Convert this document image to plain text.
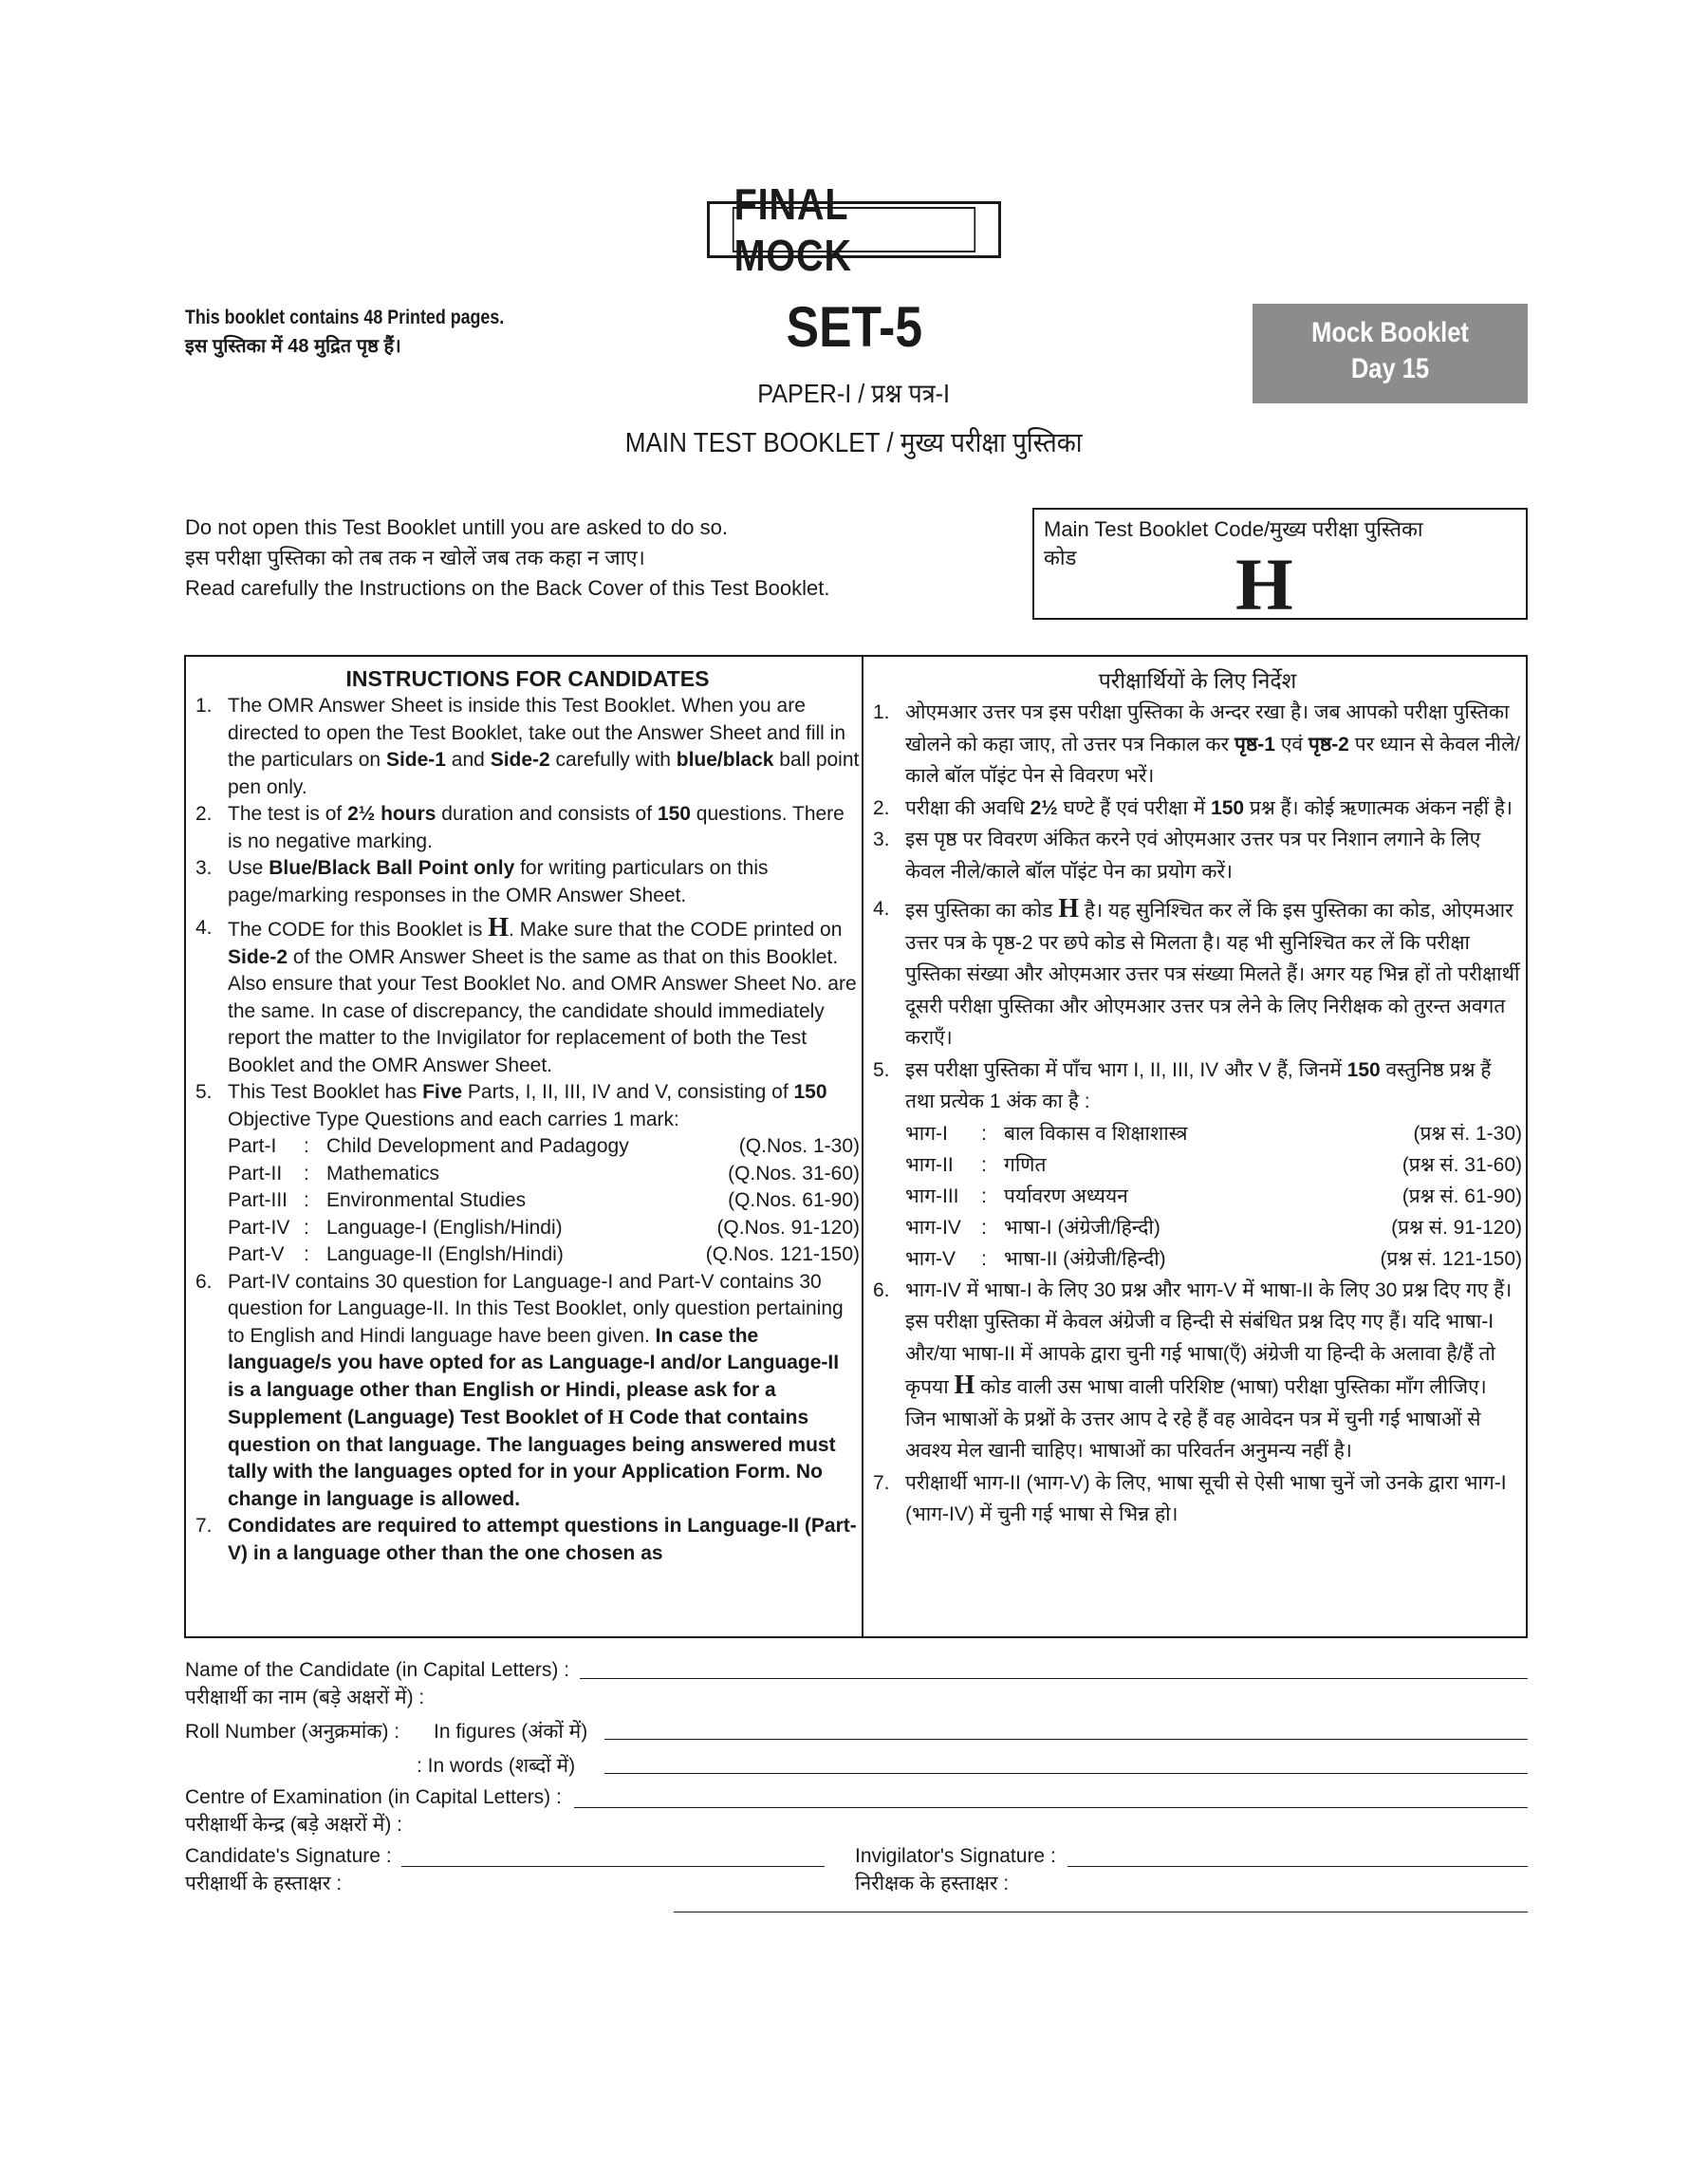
FINAL MOCK
This booklet contains 48 Printed pages.
इस पुस्तिका में 48 मुद्रित पृष्ठ हैं।	SET-5
PAPER-I / प्रश्न पत्र-I
MAIN TEST BOOKLET / मुख्य परीक्षा पुस्तिका
Mock Booklet
Day 15
Do not open this Test Booklet untill you are asked to do so.
इस परीक्षा पुस्तिका को तब तक न खोलें जब तक कहा न जाए।
Read carefully the Instructions on the Back Cover of this Test Booklet.
Main Test Booklet Code/मुख्य परीक्षा पुस्तिका
कोड	H
INSTRUCTIONS FOR CANDIDATES
1. The OMR Answer Sheet is inside this Test Booklet. When you are directed to open the Test Booklet, take out the Answer Sheet and fill in the particulars on Side-1 and Side-2 carefully with blue/black ball point pen only.
2. The test is of 2½ hours duration and consists of 150 questions. There is no negative marking.
3. Use Blue/Black Ball Point only for writing particulars on this page/marking responses in the OMR Answer Sheet.
4. The CODE for this Booklet is H. Make sure that the CODE printed on Side-2 of the OMR Answer Sheet is the same as that on this Booklet. Also ensure that your Test Booklet No. and OMR Answer Sheet No. are the same. In case of discrepancy, the candidate should immediately report the matter to the Invigilator for replacement of both the Test Booklet and the OMR Answer Sheet.
5. This Test Booklet has Five Parts, I, II, III, IV and V, consisting of 150 Objective Type Questions and each carries 1 mark:
Part-I	:	Child Development and Padagogy	(Q.Nos. 1-30)
Part-II	:	Mathematics	(Q.Nos. 31-60)
Part-III	:	Environmental Studies	(Q.Nos. 61-90)
Part-IV	:	Language-I (English/Hindi)	(Q.Nos. 91-120)
Part-V	:	Language-II (Englsh/Hindi)	(Q.Nos. 121-150)
6. Part-IV contains 30 question for Language-I and Part-V contains 30 question for Language-II. In this Test Booklet, only question pertaining to English and Hindi language have been given. In case the language/s you have opted for as Language-I and/or Language-II is a language other than English or Hindi, please ask for a Supplement (Language) Test Booklet of H Code that contains question on that language. The languages being answered must tally with the languages opted for in your Application Form. No change in language is allowed.
7. Condidates are required to attempt questions in Language-II (Part-V) in a language other than the one chosen as
परीक्षार्थियों के लिए निर्देश
1. ओएमआर उत्तर पत्र इस परीक्षा पुस्तिका के अन्दर रखा है। जब आपको परीक्षा पुस्तिका खोलने को कहा जाए, तो उत्तर पत्र निकाल कर पृष्ठ-1 एवं पृष्ठ-2 पर ध्यान से केवल नीले/काले बॉल पॉइंट पेन से विवरण भरें।
2. परीक्षा की अवधि 2½ घण्टे हैं एवं परीक्षा में 150 प्रश्न हैं। कोई ऋणात्मक अंकन नहीं है।
3. इस पृष्ठ पर विवरण अंकित करने एवं ओएमआर उत्तर पत्र पर निशान लगाने के लिए केवल नीले/काले बॉल पॉइंट पेन का प्रयोग करें।
4. इस पुस्तिका का कोड H है। यह सुनिश्चित कर लें कि इस पुस्तिका का कोड, ओएमआर उत्तर पत्र के पृष्ठ-2 पर छपे कोड से मिलता है। यह भी सुनिश्चित कर लें कि परीक्षा पुस्तिका संख्या और ओएमआर उत्तर पत्र संख्या मिलते हैं। अगर यह भिन्न हों तो परीक्षार्थी दूसरी परीक्षा पुस्तिका और ओएमआर उत्तर पत्र लेने के लिए निरीक्षक को तुरन्त अवगत कराएँ।
5. इस परीक्षा पुस्तिका में पाँच भाग I, II, III, IV और V हैं, जिनमें 150 वस्तुनिष्ठ प्रश्न हैं तथा प्रत्येक 1 अंक का है :
भाग-I	:	बाल विकास व शिक्षाशास्त्र	(प्रश्न सं. 1-30)
भाग-II	:	गणित	(प्रश्न सं. 31-60)
भाग-III	:	पर्यावरण अध्ययन	(प्रश्न सं. 61-90)
भाग-IV	:	भाषा-I (अंग्रेजी/हिन्दी)	(प्रश्न सं. 91-120)
भाग-V	:	भाषा-II (अंग्रेजी/हिन्दी)	(प्रश्न सं. 121-150)
6. भाग-IV में भाषा-I के लिए 30 प्रश्न और भाग-V में भाषा-II के लिए 30 प्रश्न दिए गए हैं। इस परीक्षा पुस्तिका में केवल अंग्रेजी व हिन्दी से संबंधित प्रश्न दिए गए हैं। यदि भाषा-I और/या भाषा-II में आपके द्वारा चुनी गई भाषा(एँ) अंग्रेजी या हिन्दी के अलावा है/हैं तो कृपया H कोड वाली उस भाषा वाली परिशिष्ट (भाषा) परीक्षा पुस्तिका माँग लीजिए। जिन भाषाओं के प्रश्नों के उत्तर आप दे रहे हैं वह आवेदन पत्र में चुनी गई भाषाओं से अवश्य मेल खानी चाहिए। भाषाओं का परिवर्तन अनुमन्य नहीं है।
7. परीक्षार्थी भाग-II (भाग-V) के लिए, भाषा सूची से ऐसी भाषा चुनें जो उनके द्वारा भाग-I (भाग-IV) में चुनी गई भाषा से भिन्न हो।
Name of the Candidate (in Capital Letters) :
परीक्षार्थी का नाम (बड़े अक्षरों में) :
Roll Number (अनुक्रमांक) : In figures (अंकों में)
: In words (शब्दों में)
Centre of Examination (in Capital Letters) :
परीक्षार्थी केन्द्र (बड़े अक्षरों में) :
Candidate's Signature :
परीक्षार्थी के हस्ताक्षर :
Invigilator's Signature :
निरीक्षक के हस्ताक्षर :
